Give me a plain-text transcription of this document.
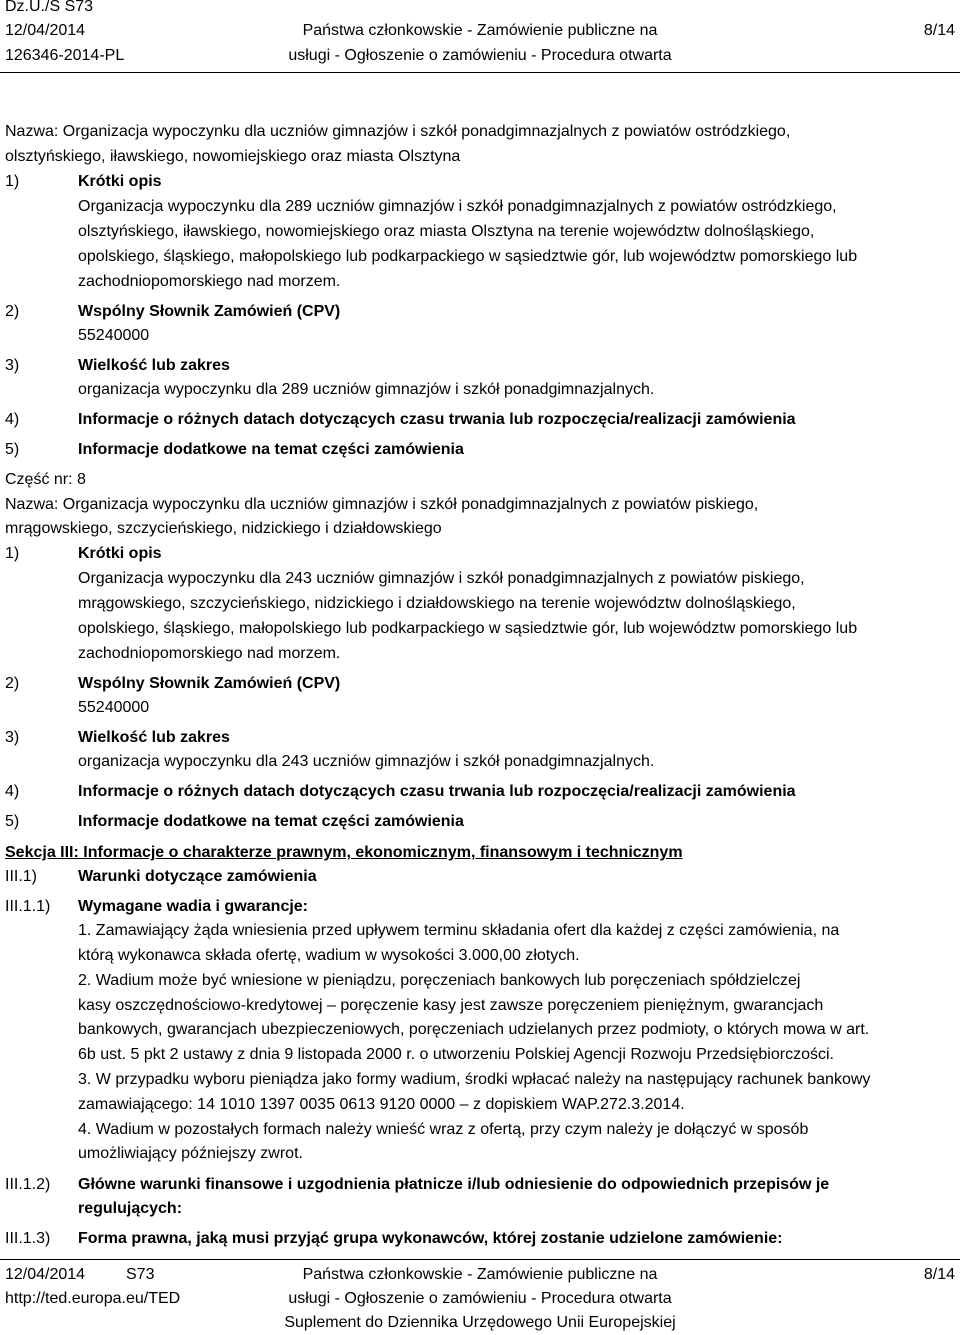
Dz.U./S S73
12/04/2014
126346-2014-PL
Państwa członkowskie - Zamówienie publiczne na
usługi - Ogłoszenie o zamówieniu - Procedura otwarta
8/14
Nazwa: Organizacja wypoczynku dla uczniów gimnazjów i szkół ponadgimnazjalnych z powiatów ostródzkiego,
olsztyńskiego, iławskiego, nowomiejskiego oraz miasta Olsztyna
1)	Krótki opis
Organizacja wypoczynku dla 289 uczniów gimnazjów i szkół ponadgimnazjalnych z powiatów ostródzkiego,
olsztyńskiego, iławskiego, nowomiejskiego oraz miasta Olsztyna na terenie województw dolnośląskiego,
opolskiego, śląskiego, małopolskiego lub podkarpackiego w sąsiedztwie gór, lub województw pomorskiego lub
zachodniopomorskiego nad morzem.
2)	Wspólny Słownik Zamówień (CPV)
55240000
3)	Wielkość lub zakres
organizacja wypoczynku dla 289 uczniów gimnazjów i szkół ponadgimnazjalnych.
4)	Informacje o różnych datach dotyczących czasu trwania lub rozpoczęcia/realizacji zamówienia
5)	Informacje dodatkowe na temat części zamówienia
Część nr: 8
Nazwa: Organizacja wypoczynku dla uczniów gimnazjów i szkół ponadgimnazjalnych z powiatów piskiego,
mrągowskiego, szczycieńskiego, nidzickiego i działdowskiego
1)	Krótki opis
Organizacja wypoczynku dla 243 uczniów gimnazjów i szkół ponadgimnazjalnych z powiatów piskiego,
mrągowskiego, szczycieńskiego, nidzickiego i działdowskiego na terenie województw dolnośląskiego,
opolskiego, śląskiego, małopolskiego lub podkarpackiego w sąsiedztwie gór, lub województw pomorskiego lub
zachodniopomorskiego nad morzem.
2)	Wspólny Słownik Zamówień (CPV)
55240000
3)	Wielkość lub zakres
organizacja wypoczynku dla 243 uczniów gimnazjów i szkół ponadgimnazjalnych.
4)	Informacje o różnych datach dotyczących czasu trwania lub rozpoczęcia/realizacji zamówienia
5)	Informacje dodatkowe na temat części zamówienia
Sekcja III: Informacje o charakterze prawnym, ekonomicznym, finansowym i technicznym
III.1)	Warunki dotyczące zamówienia
III.1.1) Wymagane wadia i gwarancje:
1. Zamawiający żąda wniesienia przed upływem terminu składania ofert dla każdej z części zamówienia, na
którą wykonawca składa ofertę, wadium w wysokości 3.000,00 złotych.
2. Wadium może być wniesione w pieniądzu, poręczeniach bankowych lub poręczeniach spółdzielczej
kasy oszczędnościowo-kredytowej – poręczenie kasy jest zawsze poręczeniem pieniężnym, gwarancjach
bankowych, gwarancjach ubezpieczeniowych, poręczeniach udzielanych przez podmioty, o których mowa w art.
6b ust. 5 pkt 2 ustawy z dnia 9 listopada 2000 r. o utworzeniu Polskiej Agencji Rozwoju Przedsiębiorczości.
3. W przypadku wyboru pieniądza jako formy wadium, środki wpłacać należy na następujący rachunek bankowy
zamawiającego: 14 1010 1397 0035 0613 9120 0000 – z dopiskiem WAP.272.3.2014.
4. Wadium w pozostałych formach należy wnieść wraz z ofertą, przy czym należy je dołączyć w sposób
umożliwiający późniejszy zwrot.
III.1.2) Główne warunki finansowe i uzgodnienia płatnicze i/lub odniesienie do odpowiednich przepisów je
regulujących:
III.1.3) Forma prawna, jaką musi przyjąć grupa wykonawców, której zostanie udzielone zamówienie:
12/04/2014	S73
http://ted.europa.eu/TED
Państwa członkowskie - Zamówienie publiczne na
usługi - Ogłoszenie o zamówieniu - Procedura otwarta
Suplement do Dziennika Urzędowego Unii Europejskiej
8/14
